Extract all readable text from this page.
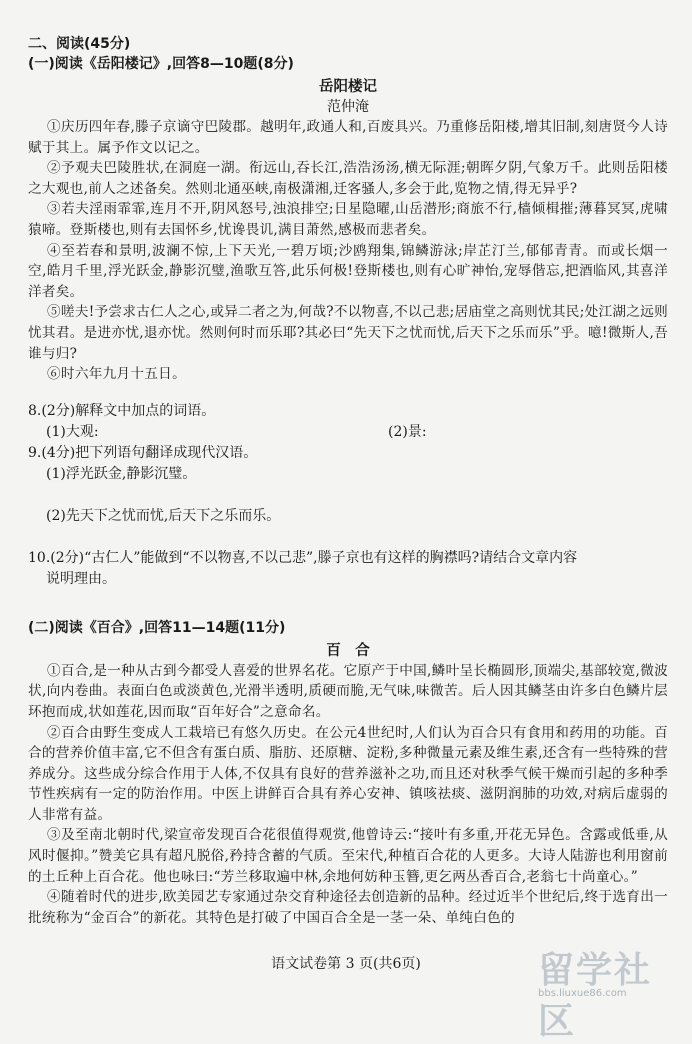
二、阅读(45分)
(一)阅读《岳阳楼记》,回答8—10题(8分)
岳阳楼记
范仲淹

①庆历四年春,滕子京谪守巴陵郡。越明年,政通人和,百废具兴。乃重修岳阳楼,增其旧制,刻唐贤今人诗赋于其上。属予作文以记之。

②予观夫巴陵胜状,在洞庭一湖。衔远山,吞长江,浩浩汤汤,横无际涯;朝晖夕阴,气象万千。此则岳阳楼之大观也,前人之述备矣。然则北通巫峡,南极潇湘,迁客骚人,多会于此,览物之情,得无异乎?

③若夫淫雨霏霏,连月不开,阴风怒号,浊浪排空;日星隐曜,山岳潜形;商旅不行,樯倾楫摧;薄暮冥冥,虎啸猿啼。登斯楼也,则有去国怀乡,忧谗畏讥,满目萧然,感极而悲者矣。

④至若春和景明,波澜不惊,上下天光,一碧万顷;沙鸥翔集,锦鳞游泳;岸芷汀兰,郁郁青青。而或长烟一空,皓月千里,浮光跃金,静影沉璧,渔歌互答,此乐何极!登斯楼也,则有心旷神怡,宠辱偕忘,把酒临风,其喜洋洋者矣。

⑤嗟夫!予尝求古仁人之心,或异二者之为,何哉?不以物喜,不以己悲;居庙堂之高则忧其民;处江湖之远则忧其君。是进亦忧,退亦忧。然则何时而乐耶?其必曰“先天下之忧而忧,后天下之乐而乐”乎。噫!微斯人,吾谁与归?

⑥时六年九月十五日。

8.(2分)解释文中加点的词语。

(1)大观:	(2)景:

9.(4分)把下列语句翻译成现代汉语。

(1)浮光跃金,静影沉璧。

(2)先天下之忧而忧,后天下之乐而乐。

10.(2分)“古仁人”能做到“不以物喜,不以己悲”,滕子京也有这样的胸襟吗?请结合文章内容

说明理由。

(二)阅读《百合》,回答11—14题(11分)
百　合

①百合,是一种从古到今都受人喜爱的世界名花。它原产于中国,鳞叶呈长椭圆形,顶端尖,基部较宽,微波状,向内卷曲。表面白色或淡黄色,光滑半透明,质硬而脆,无气味,味微苦。后人因其鳞茎由许多白色鳞片层环抱而成,状如莲花,因而取“百年好合”之意命名。

②百合由野生变成人工栽培已有悠久历史。在公元4世纪时,人们认为百合只有食用和药用的功能。百合的营养价值丰富,它不但含有蛋白质、脂肪、还原糖、淀粉,多种微量元素及维生素,还含有一些特殊的营养成分。这些成分综合作用于人体,不仅具有良好的营养滋补之功,而且还对秋季气候干燥而引起的多种季节性疾病有一定的防治作用。中医上讲鲜百合具有养心安神、镇咳祛痰、滋阴润肺的功效,对病后虚弱的人非常有益。

③及至南北朝时代,梁宣帝发现百合花很值得观赏,他曾诗云:“接叶有多重,开花无异色。含露或低垂,从风时偃抑。”赞美它具有超凡脱俗,矜持含蓄的气质。至宋代,种植百合花的人更多。大诗人陆游也利用窗前的土丘种上百合花。他也咏曰:“芳兰移取遍中林,余地何妨种玉簪,更乞两丛香百合,老翁七十尚童心。”

④随着时代的进步,欧美园艺专家通过杂交育种途径去创造新的品种。经过近半个世纪后,终于选育出一批统称为“金百合”的新花。其特色是打破了中国百合全是一茎一朵、单纯白色的

语文试卷第 3 页(共6页)	留学社区
bbs.liuxue86.com
